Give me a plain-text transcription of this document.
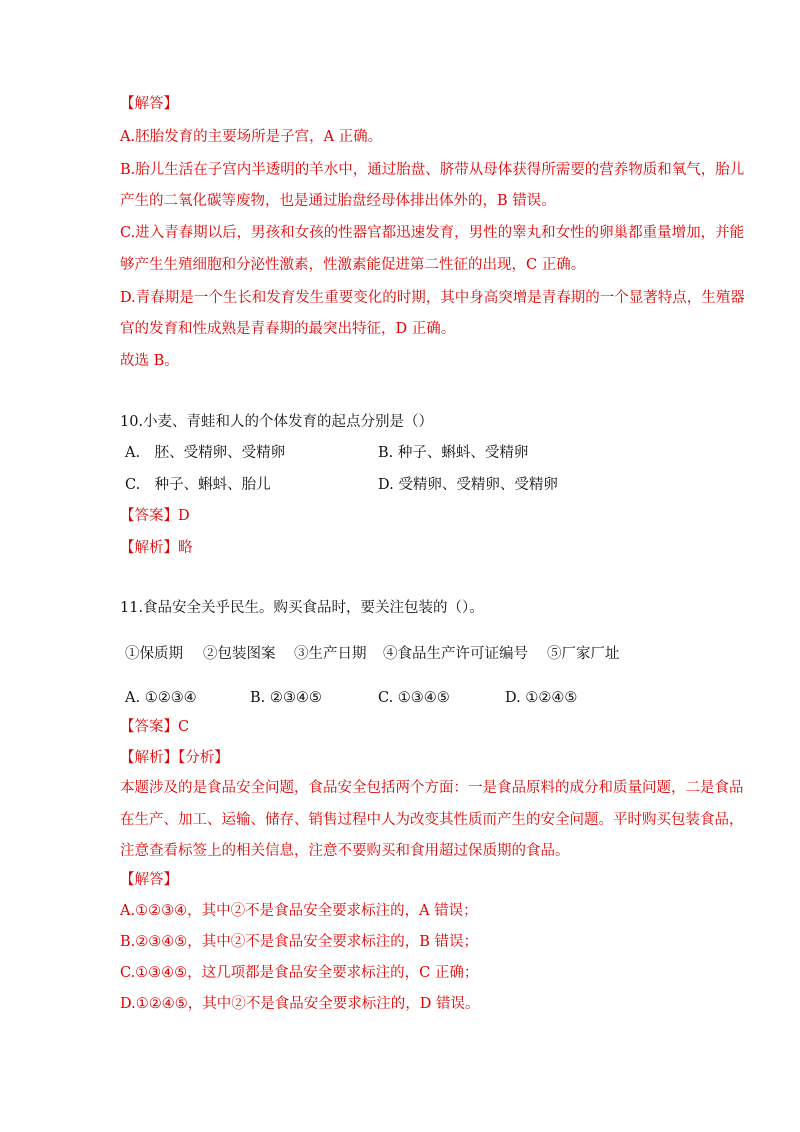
【解答】
A.胚胎发育的主要场所是子宫，A 正确。
B.胎儿生活在子宫内半透明的羊水中，通过胎盘、脐带从母体获得所需要的营养物质和氧气，胎儿
产生的二氧化碳等废物，也是通过胎盘经母体排出体外的，B 错误。
C.进入青春期以后，男孩和女孩的性器官都迅速发育，男性的睾丸和女性的卵巢都重量增加，并能
够产生生殖细胞和分泌性激素，性激素能促进第二性征的出现，C 正确。
D.青春期是一个生长和发育发生重要变化的时期，其中身高突增是青春期的一个显著特点，生殖器
官的发育和性成熟是青春期的最突出特征，D 正确。
故选 B。
10.小麦、青蛙和人的个体发育的起点分别是（）
A.　胚、受精卵、受精卵	B. 种子、蝌蚪、受精卵
C.　种子、蝌蚪、胎儿	D. 受精卵、受精卵、受精卵
【答案】D
【解析】略
11.食品安全关乎民生。购买食品时，要关注包装的（）。
①保质期 ②包装图案 ③生产日期 ④食品生产许可证编号 ⑤厂家厂址
A. ①②③④	B. ②③④⑤	C. ①③④⑤	D. ①②④⑤
【答案】C
【解析】【分析】
本题涉及的是食品安全问题，食品安全包括两个方面：一是食品原料的成分和质量问题，二是食品
在生产、加工、运输、储存、销售过程中人为改变其性质而产生的安全问题。平时购买包装食品，
注意查看标签上的相关信息，注意不要购买和食用超过保质期的食品。
【解答】
A.①②③④，其中②不是食品安全要求标注的，A 错误；
B.②③④⑤，其中②不是食品安全要求标注的，B 错误；
C.①③④⑤，这几项都是食品安全要求标注的，C 正确；
D.①②④⑤，其中②不是食品安全要求标注的，D 错误。
